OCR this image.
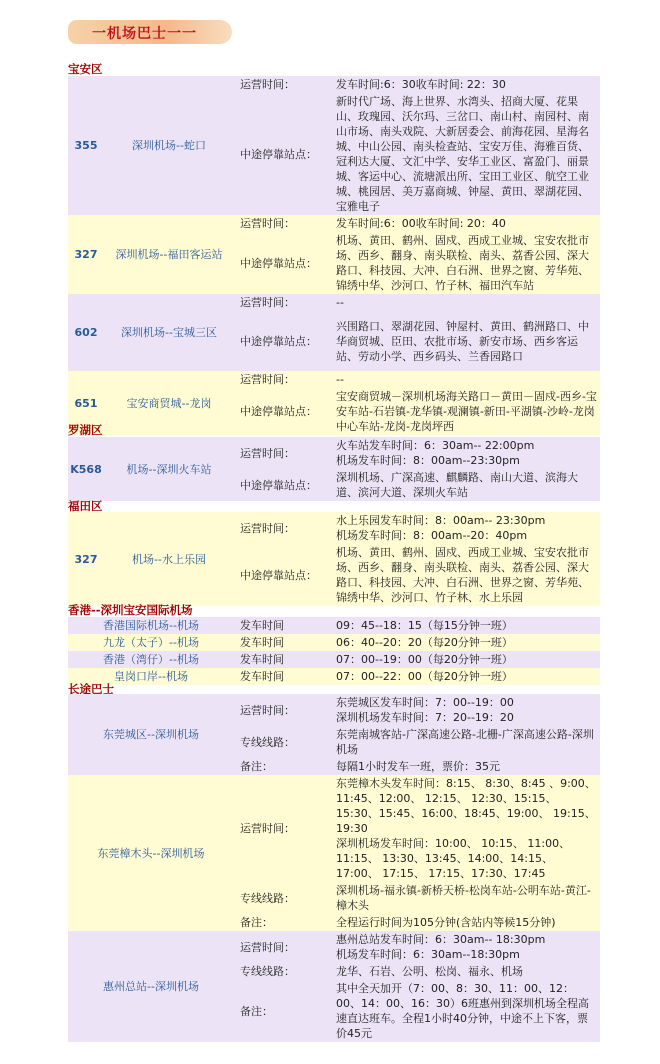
一机场巴士一一
宝安区
355	深圳机场--蛇口	运营时间：	发车时间:6：30收车时间: 22：30
		中途停靠站点：	新时代广场、海上世界、水湾头、招商大厦、花果山、玫瑰园、沃尔玛、三岔口、南山村、南园村、南山市场、南头戏院、大新居委会、前海花园、星海名城、中山公园、南头检查站、宝安万佳、海雅百货、冠利达大厦、文汇中学、安华工业区、富盈门、丽景城、客运中心、流塘派出所、宝田工业区、航空工业城、桃园居、美万嘉商城、钟屋、黄田、翠湖花园、宝雅电子
327	深圳机场--福田客运站	运营时间：	发车时间:6：00收车时间: 20：40
		中途停靠站点：	机场、黄田、鹤州、固戍、西成工业城、宝安农批市场、西乡、翻身、南头联检、南头、荔香公园、深大路口、科技园、大冲、白石洲、世界之窗、芳华苑、锦绣中华、沙河口、竹子林、福田汽车站
602	深圳机场--宝城三区	运营时间：	--
		中途停靠站点：	兴围路口、翠湖花园、钟屋村、黄田、鹤洲路口、中华商贸城、臣田、农批市场、新安市场、西乡客运站、劳动小学、西乡码头、兰香园路口
651	宝安商贸城--龙岗	运营时间：	--
		中途停靠站点：	宝安商贸城－深圳机场海关路口－黄田－固戍-西乡-宝安车站-石岩镇-龙华镇-观澜镇-新田-平湖镇-沙岭-龙岗中心车站-龙岗-龙岗坪西
罗湖区
K568	机场--深圳火车站	运营时间：	火车站发车时间：6：30am-- 22:00pm
机场发车时间：8：00am--23:30pm

		中途停靠站点：	深圳机场、广深高速、麒麟路、南山大道、滨海大道、滨河大道、深圳火车站
福田区
327	机场--水上乐园	运营时间：	水上乐园发车时间：8：00am-- 23:30pm
机场发车时间：8：00am--20：40pm

		中途停靠站点：	机场、黄田、鹤州、固戍、西成工业城、宝安农批市场、西乡、翻身、南头联检、南头、荔香公园、深大路口、科技园、大冲、白石洲、世界之窗、芳华苑、锦绣中华、沙河口、竹子林、水上乐园
香港--深圳宝安国际机场
香港国际机场--机场	发车时间	09：45--18：15（每15分钟一班）
九龙（太子）--机场	发车时间	06：40--20：20（每20分钟一班）
香港（湾仔）--机场	发车时间	07：00--19：00（每20分钟一班）
皇岗口岸--机场	发车时间	07：00--22：00（每20分钟一班）
长途巴士
东莞城区--深圳机场	运营时间：	东莞城区发车时间：7：00--19：00
深圳机场发车时间：7：20--19：20

	专线线路：	东莞南城客站-广深高速公路-北栅-广深高速公路-深圳机场
	备注：	每隔1小时发车一班，票价：35元
东莞樟木头--深圳机场	运营时间：	东莞樟木头发车时间：8:15、 8:30、8:45 、9:00、 11:45、12:00、 12:15、 12:30、15:15、15:30、15:45、16:00、18:45、19:00、 19:15、 19:30
深圳机场发车时间：10:00、 10:15、 11:00、11:15、 13:30、13:45、14:00、14:15、 17:00、 17:15、 17:15、17:30、17:45

	专线线路：	深圳机场-福永镇-新桥天桥-松岗车站-公明车站-黄江-樟木头
	备注：	全程运行时间为105分钟(含站内等候15分钟)
惠州总站--深圳机场	运营时间：	惠州总站发车时间：6：30am-- 18:30pm
机场发车时间：6：30am--18:30pm

	专线线路：	龙华、石岩、公明、松岗、福永、机场
	备注：	其中全天加开（7：00、8：30、11：00、12：00、14：00、16：30）6班惠州到深圳机场全程高速直达班车。全程1小时40分钟，中途不上下客，票价45元
